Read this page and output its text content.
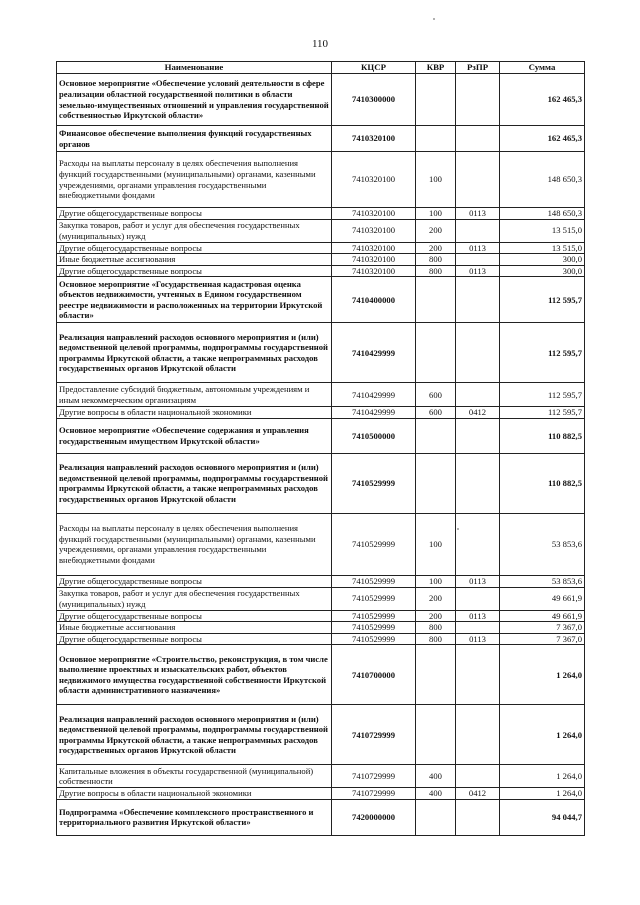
110
Наименование	КЦСР	КВР	РзПР	Сумма
Основное мероприятие «Обеспечение условий деятельности в сфере реализации областной государственной политики в области земельно-имущественных отношений и управления государственной собственностью Иркутской области»	7410300000			162 465,3
Финансовое обеспечение выполнения функций государственных органов	7410320100			162 465,3
Расходы на выплаты персоналу в целях обеспечения выполнения функций государственными (муниципальными) органами, казенными учреждениями, органами управления государственными внебюджетными фондами	7410320100	100		148 650,3
Другие общегосударственные вопросы	7410320100	100	0113	148 650,3
Закупка товаров, работ и услуг для обеспечения государственных (муниципальных) нужд	7410320100	200		13 515,0
Другие общегосударственные вопросы	7410320100	200	0113	13 515,0
Иные бюджетные ассигнования	7410320100	800		300,0
Другие общегосударственные вопросы	7410320100	800	0113	300,0
Основное мероприятие «Государственная кадастровая оценка объектов недвижимости, учтенных в Едином государственном реестре недвижимости и расположенных на территории Иркутской области»	7410400000			112 595,7
Реализация направлений расходов основного мероприятия и (или) ведомственной целевой программы, подпрограммы государственной программы Иркутской области, а также непрограммных расходов государственных органов Иркутской области	7410429999			112 595,7
Предоставление субсидий бюджетным, автономным учреждениям и иным некоммерческим организациям	7410429999	600		112 595,7
Другие вопросы в области национальной экономики	7410429999	600	0412	112 595,7
Основное мероприятие «Обеспечение содержания и управления государственным имуществом Иркутской области»	7410500000			110 882,5
Реализация направлений расходов основного мероприятия и (или) ведомственной целевой программы, подпрограммы государственной программы Иркутской области, а также непрограммных расходов государственных органов Иркутской области	7410529999			110 882,5
Расходы на выплаты персоналу в целях обеспечения выполнения функций государственными (муниципальными) органами, казенными учреждениями, органами управления государственными внебюджетными фондами	7410529999	100		53 853,6
Другие общегосударственные вопросы	7410529999	100	0113	53 853,6
Закупка товаров, работ и услуг для обеспечения государственных (муниципальных) нужд	7410529999	200		49 661,9
Другие общегосударственные вопросы	7410529999	200	0113	49 661,9
Иные бюджетные ассигнования	7410529999	800		7 367,0
Другие общегосударственные вопросы	7410529999	800	0113	7 367,0
Основное мероприятие «Строительство, реконструкция, в том числе выполнение проектных и изыскательских работ, объектов недвижимого имущества государственной собственности Иркутской области административного назначения»	7410700000			1 264,0
Реализация направлений расходов основного мероприятия и (или) ведомственной целевой программы, подпрограммы государственной программы Иркутской области, а также непрограммных расходов государственных органов Иркутской области	7410729999			1 264,0
Капитальные вложения в объекты государственной (муниципальной) собственности	7410729999	400		1 264,0
Другие вопросы в области национальной экономики	7410729999	400	0412	1 264,0
Подпрограмма «Обеспечение комплексного пространственного и территориального развития Иркутской области»	7420000000			94 044,7
